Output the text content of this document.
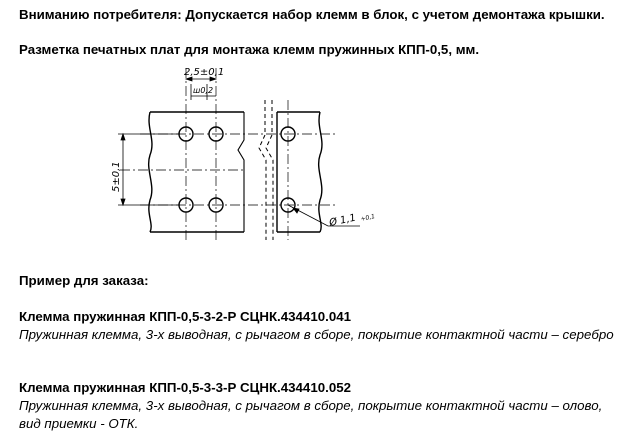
Вниманию потребителя: Допускается набор клемм в блок, с учетом демонтажа крышки.
Разметка печатных плат для монтажа клемм пружинных КПП-0,5, мм.
2,5±0,1
ш0,2
5±0,1
Ø 1,1 +0,1
Пример для заказа:
Клемма пружинная КПП-0,5-3-2-Р СЦНК.434410.041
Пружинная клемма, 3-х выводная, с рычагом в сборе, покрытие контактной части – серебро
Клемма пружинная КПП-0,5-3-3-Р СЦНК.434410.052
Пружинная клемма, 3-х выводная, с рычагом в сборе, покрытие контактной части – олово,
вид приемки - ОТК.
